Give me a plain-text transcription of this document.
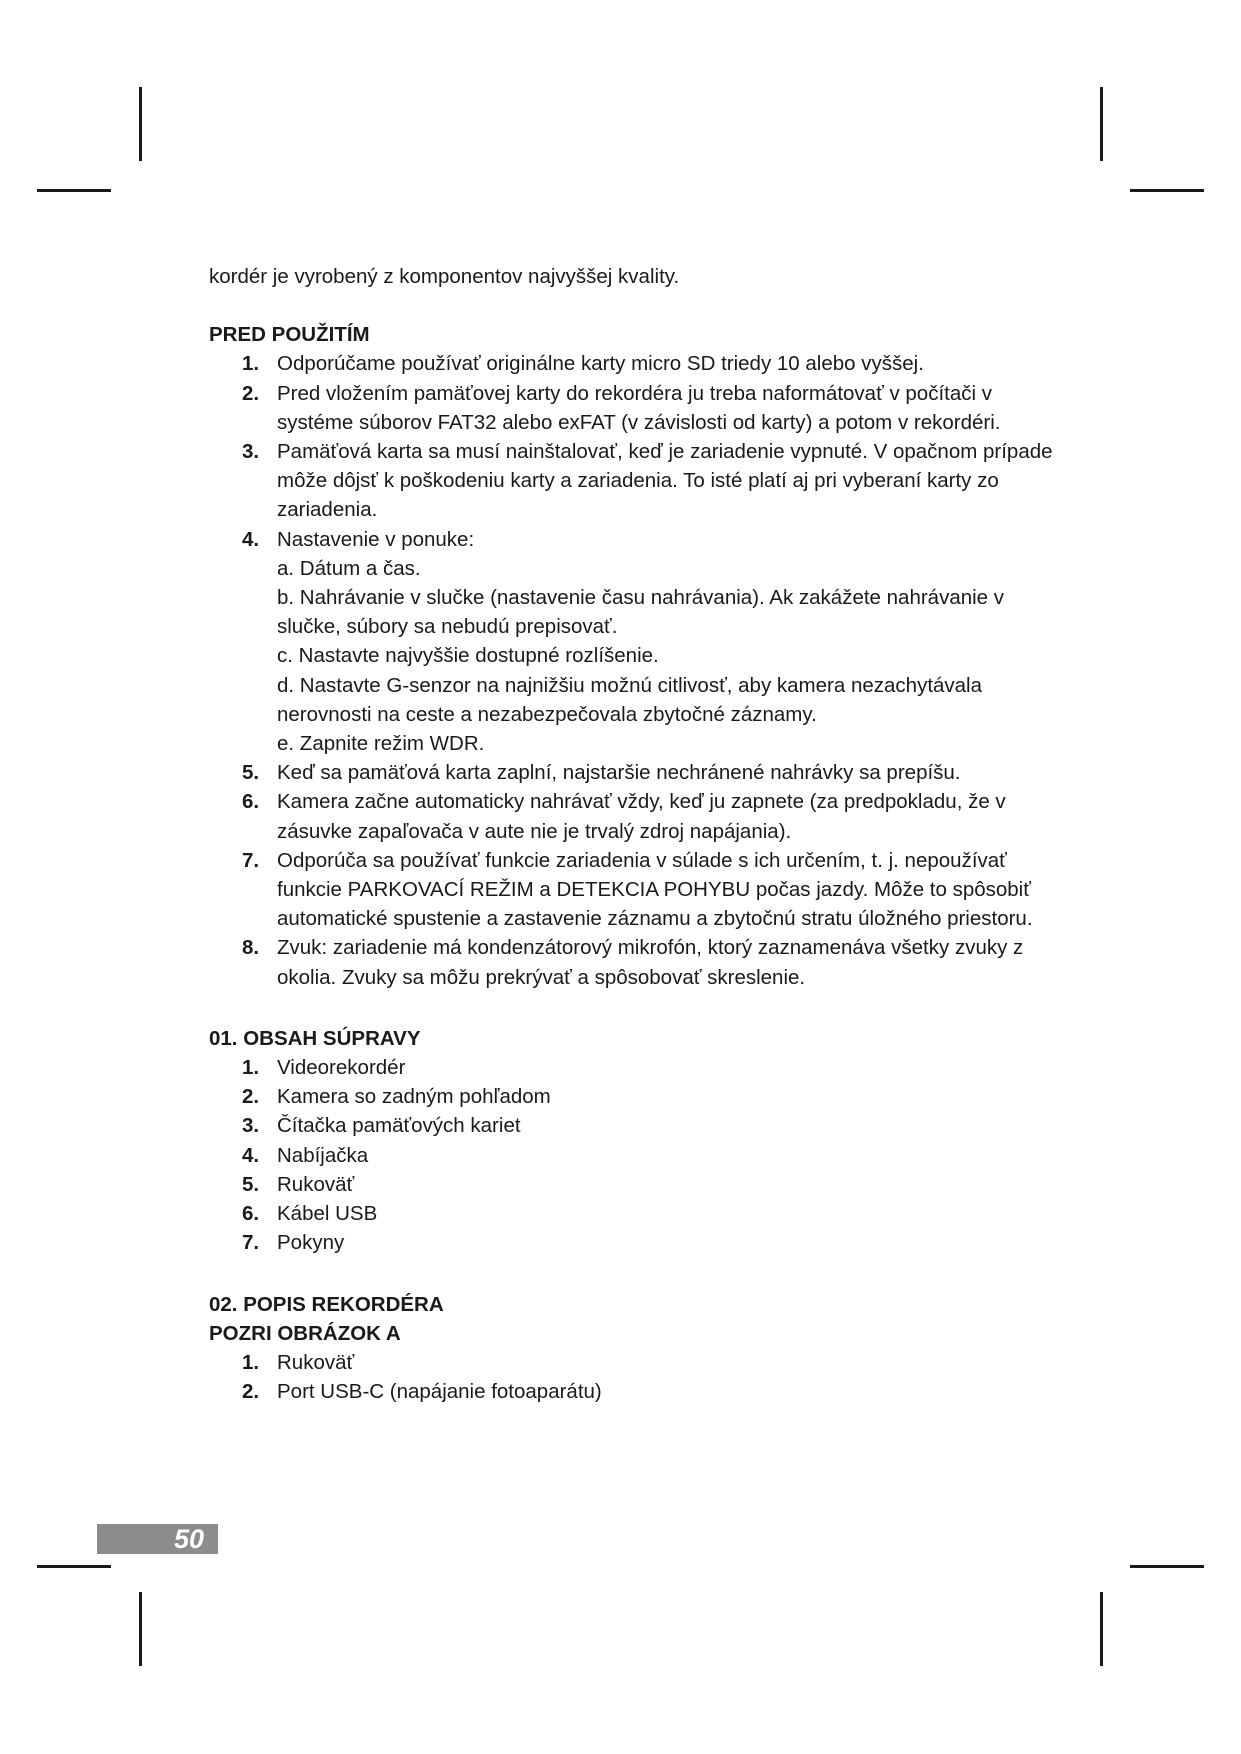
kordér je vyrobený z komponentov najvyššej kvality.

PRED POUŽITÍM

1. Odporúčame používať originálne karty micro SD triedy 10 alebo vyššej.
2. Pred vložením pamäťovej karty do rekordéra ju treba naformátovať v počítači v systéme súborov FAT32 alebo exFAT (v závislosti od karty) a potom v rekordéri.
3. Pamäťová karta sa musí nainštalovať, keď je zariadenie vypnuté. V opačnom prípade môže dôjsť k poškodeniu karty a zariadenia. To isté platí aj pri vyberaní karty zo zariadenia.
4. Nastavenie v ponuke:
a. Dátum a čas.
b. Nahrávanie v slučke (nastavenie času nahrávania). Ak zakážete nahrávanie v slučke, súbory sa nebudú prepisovať.
c. Nastavte najvyššie dostupné rozlíšenie.
d. Nastavte G-senzor na najnižšiu možnú citlivosť, aby kamera nezachytávala nerovnosti na ceste a nezabezpečovala zbytočné záznamy.
e. Zapnite režim WDR.
5. Keď sa pamäťová karta zaplní, najstaršie nechránené nahrávky sa prepíšu.
6. Kamera začne automaticky nahrávať vždy, keď ju zapnete (za predpokladu, že v zásuvke zapaľovača v aute nie je trvalý zdroj napájania).
7. Odporúča sa používať funkcie zariadenia v súlade s ich určením, t. j. nepoužívať funkcie PARKOVACÍ REŽIM a DETEKCIA POHYBU počas jazdy. Môže to spôsobiť automatické spustenie a zastavenie záznamu a zbytočnú stratu úložného priestoru.
8. Zvuk: zariadenie má kondenzátorový mikrofón, ktorý zaznamenáva všetky zvuky z okolia. Zvuky sa môžu prekrývať a spôsobovať skreslenie.

01. OBSAH SÚPRAVY

1. Videorekordér
2. Kamera so zadným pohľadom
3. Čítačka pamäťových kariet
4. Nabíjačka
5. Rukoväť
6. Kábel USB
7. Pokyny

02. POPIS REKORDÉRA

POZRI OBRÁZOK A

1. Rukoväť
2. Port USB-C (napájanie fotoaparátu)
50
